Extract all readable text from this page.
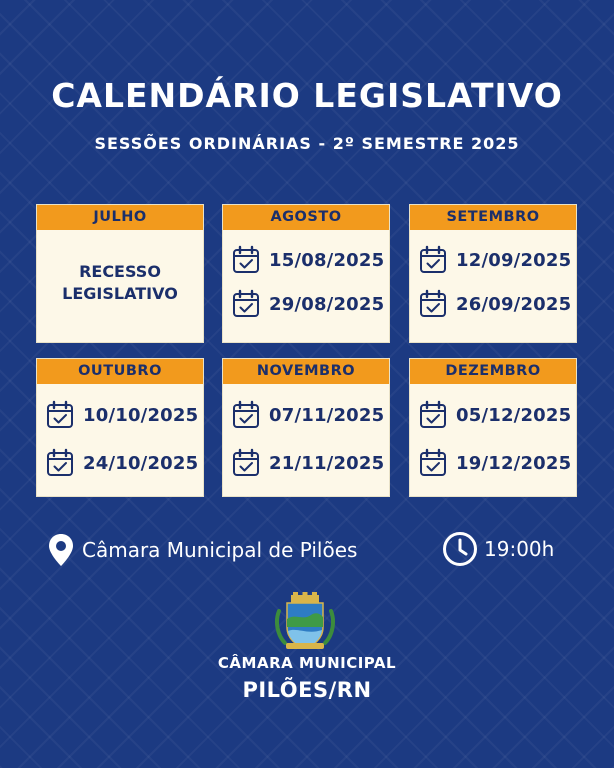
CALENDÁRIO LEGISLATIVO
SESSÕES ORDINÁRIAS - 2º SEMESTRE 2025
JULHO
RECESSO
LEGISLATIVO
AGOSTO
15/08/2025
29/08/2025
SETEMBRO
12/09/2025
26/09/2025
OUTUBRO
10/10/2025
24/10/2025
NOVEMBRO
07/11/2025
21/11/2025
DEZEMBRO
05/12/2025
19/12/2025
Câmara Municipal de Pilões	19:00h
CÂMARA MUNICIPAL
PILÕES/RN
